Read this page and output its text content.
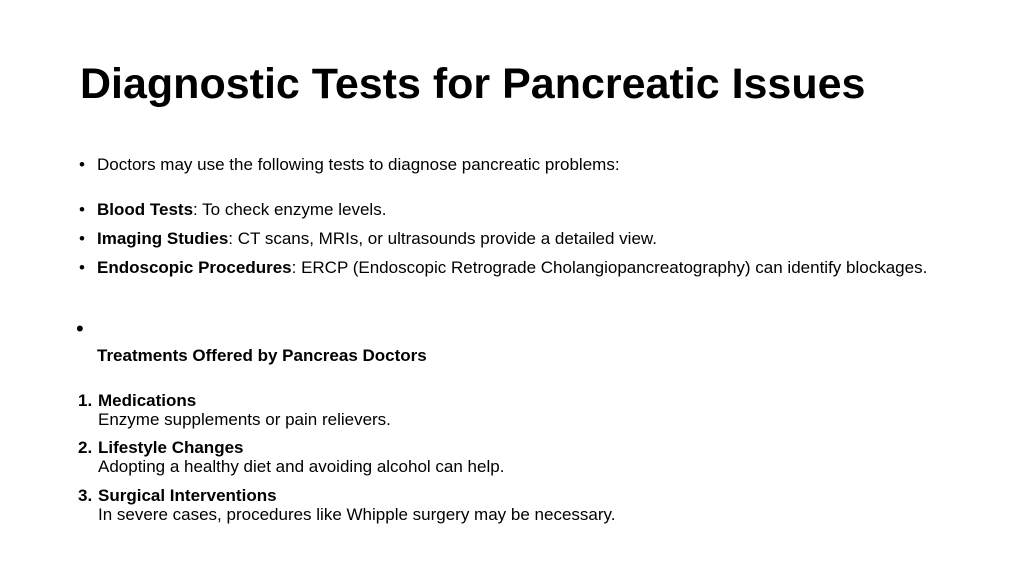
Diagnostic Tests for Pancreatic Issues
• Doctors may use the following tests to diagnose pancreatic problems:
• Blood Tests: To check enzyme levels.
• Imaging Studies: CT scans, MRIs, or ultrasounds provide a detailed view.
• Endoscopic Procedures: ERCP (Endoscopic Retrograde Cholangiopancreatography) can identify blockages.
•
Treatments Offered by Pancreas Doctors
1. Medications
Enzyme supplements or pain relievers.
2. Lifestyle Changes
Adopting a healthy diet and avoiding alcohol can help.
3. Surgical Interventions
In severe cases, procedures like Whipple surgery may be necessary.
